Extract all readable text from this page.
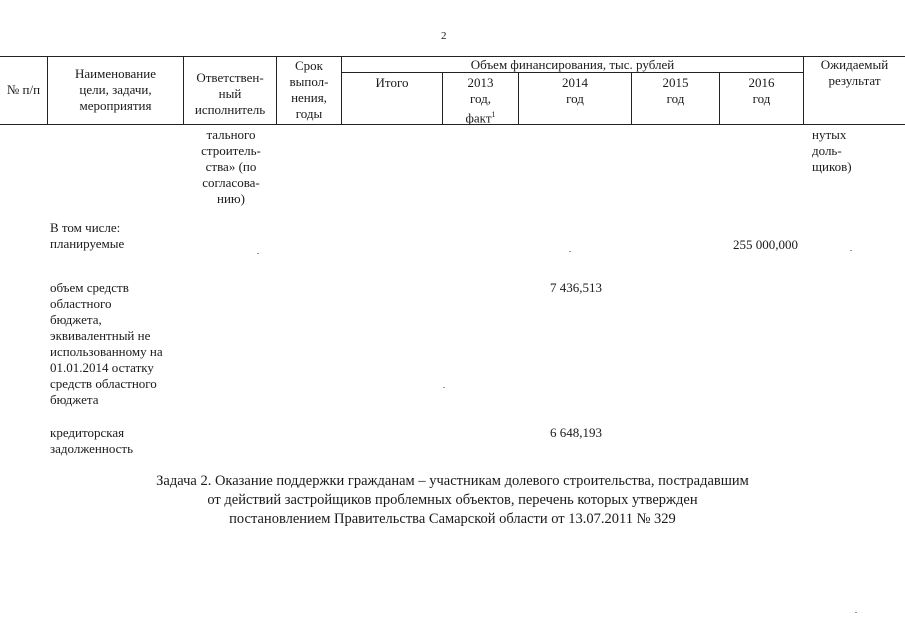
2
№ п/п
Наименование
цели, задачи,
мероприятия
Ответствен-
ный
исполнитель
Срок
выпол-
нения,
годы
Объем финансирования, тыс. рублей
Итого	2013
год,
факт$^1$
2014
год
2015
год
2016
год
Ожидаемый
результат
тального
строитель-
ства» (по
согласова-
нию)
нутых
доль-
щиков)
В том числе:
планируемые	255 000,000
объем средств
областного
бюджета,
эквивалентный не
использованному на
01.01.2014 остатку
средств областного
бюджета
7 436,513
кредиторская
задолженность
6 648,193
Задача 2. Оказание поддержки гражданам – участникам долевого строительства, пострадавшим
от действий застройщиков проблемных объектов, перечень которых утвержден
постановлением Правительства Самарской области от 13.07.2011 № 329
